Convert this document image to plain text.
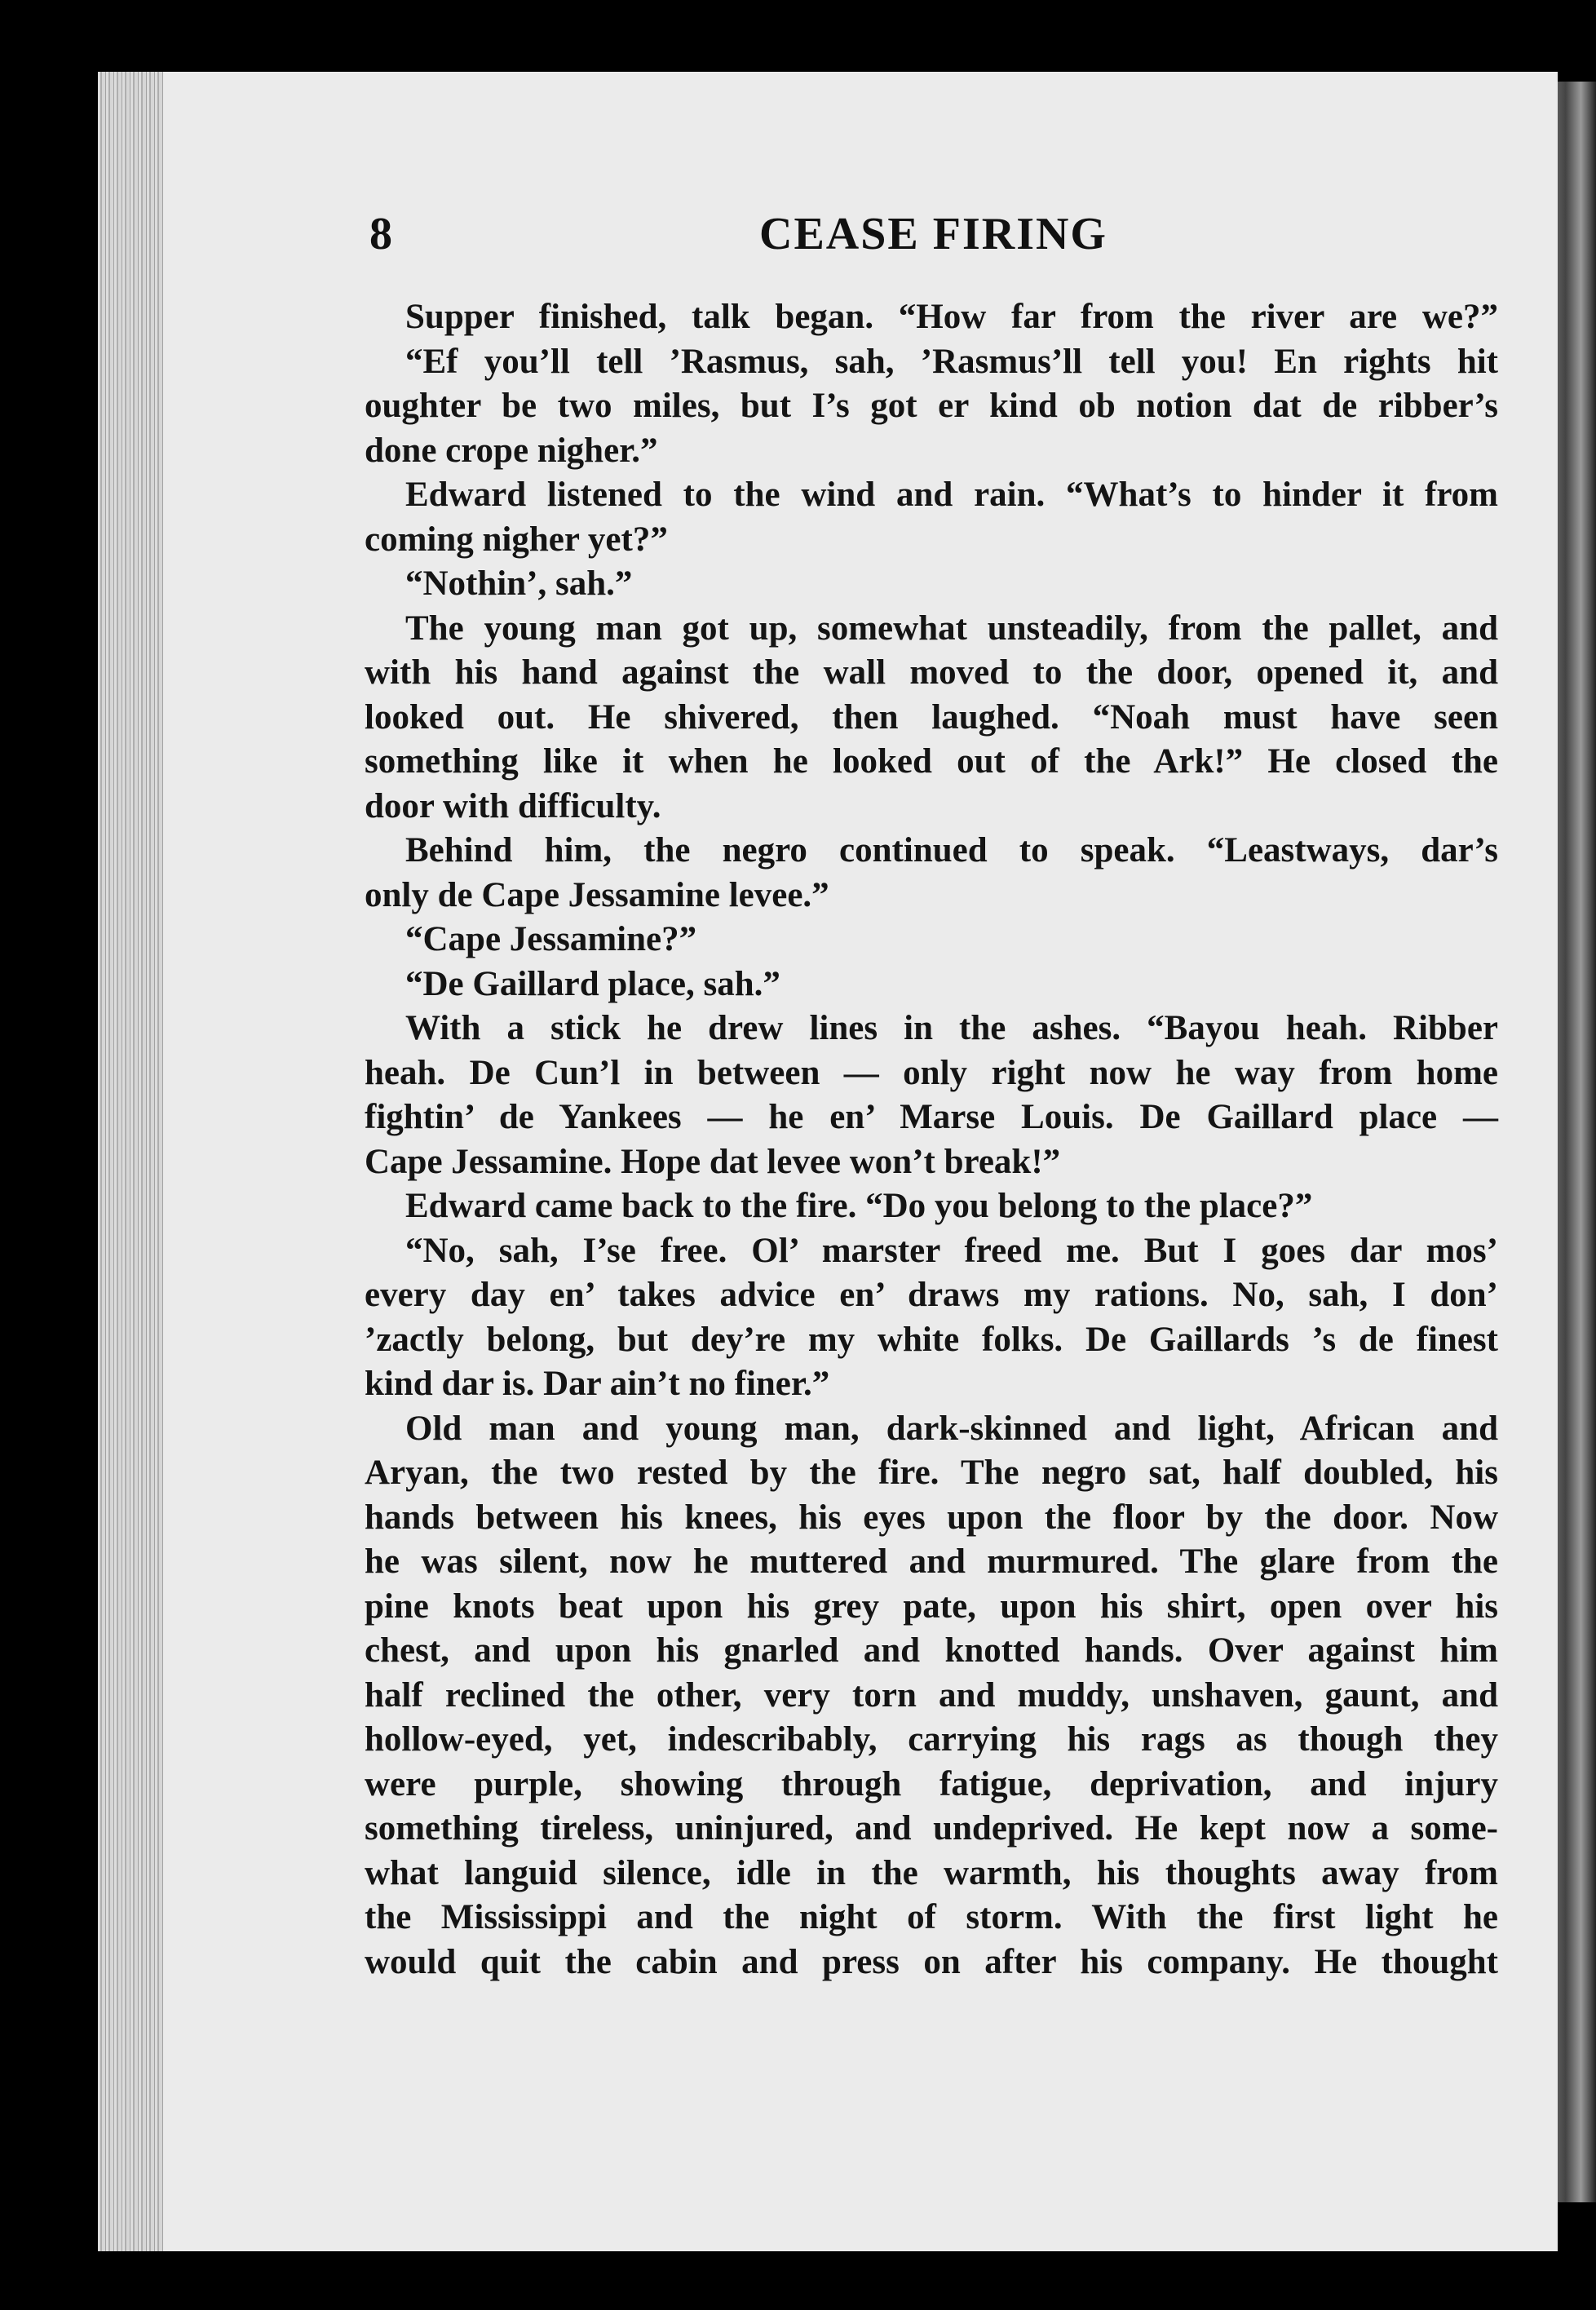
8	CEASE FIRING
Supper finished, talk began. “How far from the river are we?”
“Ef you’ll tell ’Rasmus, sah, ’Rasmus’ll tell you! En rights hit
oughter be two miles, but I’s got er kind ob notion dat de ribber’s
done crope nigher.”
Edward listened to the wind and rain. “What’s to hinder it from
coming nigher yet?”
“Nothin’, sah.”
The young man got up, somewhat unsteadily, from the pallet, and
with his hand against the wall moved to the door, opened it, and
looked out. He shivered, then laughed. “Noah must have seen
something like it when he looked out of the Ark!” He closed the
door with difficulty.
Behind him, the negro continued to speak. “Leastways, dar’s
only de Cape Jessamine levee.”
“Cape Jessamine?”
“De Gaillard place, sah.”
With a stick he drew lines in the ashes. “Bayou heah. Ribber
heah. De Cun’l in between — only right now he way from home
fightin’ de Yankees — he en’ Marse Louis. De Gaillard place —
Cape Jessamine. Hope dat levee won’t break!”
Edward came back to the fire. “Do you belong to the place?”
“No, sah, I’se free. Ol’ marster freed me. But I goes dar mos’
every day en’ takes advice en’ draws my rations. No, sah, I don’
’zactly belong, but dey’re my white folks. De Gaillards ’s de finest
kind dar is. Dar ain’t no finer.”
Old man and young man, dark-skinned and light, African and
Aryan, the two rested by the fire. The negro sat, half doubled, his
hands between his knees, his eyes upon the floor by the door. Now
he was silent, now he muttered and murmured. The glare from the
pine knots beat upon his grey pate, upon his shirt, open over his
chest, and upon his gnarled and knotted hands. Over against him
half reclined the other, very torn and muddy, unshaven, gaunt, and
hollow-eyed, yet, indescribably, carrying his rags as though they
were purple, showing through fatigue, deprivation, and injury
something tireless, uninjured, and undeprived. He kept now a some-
what languid silence, idle in the warmth, his thoughts away from
the Mississippi and the night of storm. With the first light he
would quit the cabin and press on after his company. He thought
